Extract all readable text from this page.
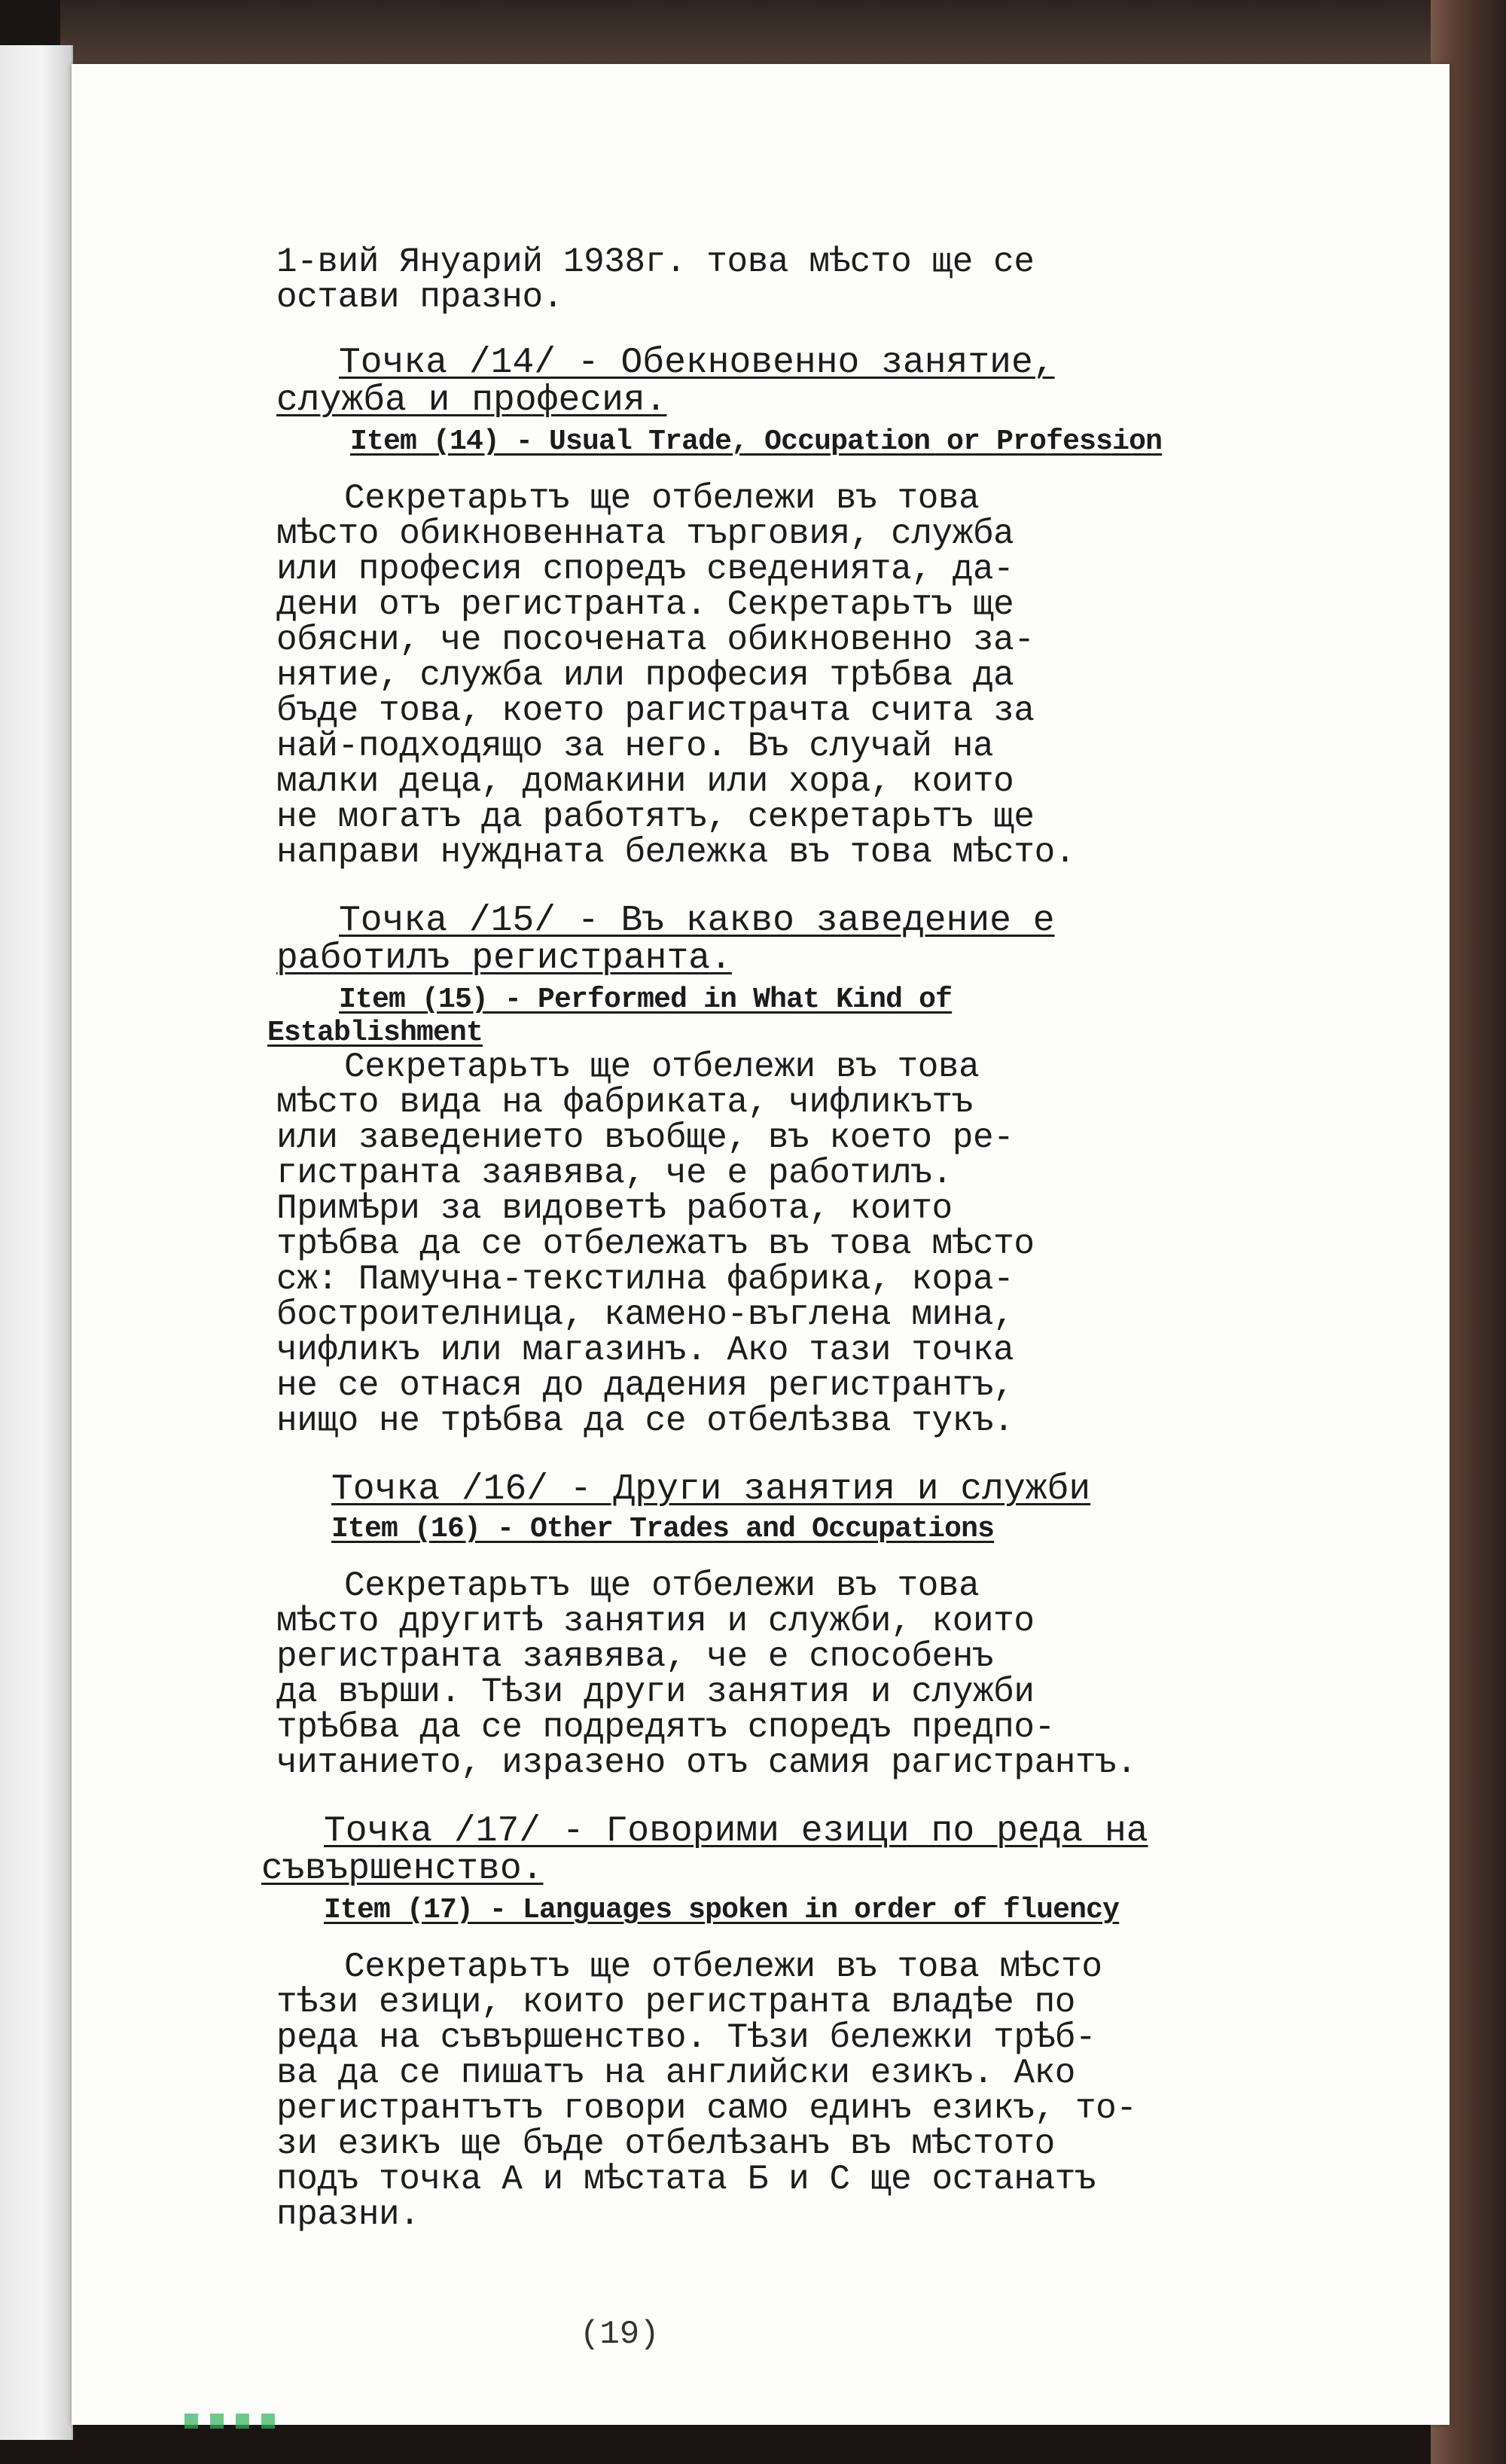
1-вий Януарий 1938г. това мѣсто ще се
остави празно.
Точка /14/ - Обекновенно занятие,
служба и професия.
Item (14) - Usual Trade, Occupation or Profession
Секретарьтъ ще отбележи въ това
мѣсто обикновенната търговия, служба
или професия споредъ сведенията, да-
дени отъ регистранта. Секретарьтъ ще
обясни, че посочената обикновенно за-
нятие, служба или професия трѣбва да
бъде това, което рагистрачта счита за
най-подходящо за него. Въ случай на
малки деца, домакини или хора, които
не могатъ да работятъ, секретарьтъ ще
направи нуждната бележка въ това мѣсто.
Точка /15/ - Въ какво заведение е
работилъ регистранта.
Item (15) - Performed in What Kind of
Establishment
Секретарьтъ ще отбележи въ това
мѣсто вида на фабриката, чифликътъ
или заведението въобще, въ което ре-
гистранта заявява, че е работилъ.
Примѣри за видоветѣ работа, които
трѣбва да се отбележатъ въ това мѣсто
сж: Памучна-текстилна фабрика, кора-
бостроителница, камено-въглена мина,
чифликъ или магазинъ. Ако тази точка
не се отнася до дадения регистрантъ,
нищо не трѣбва да се отбелѣзва тукъ.
Точка /16/ - Други занятия и служби
Item (16) - Other Trades and Occupations
Секретарьтъ ще отбележи въ това
мѣсто другитѣ занятия и служби, които
регистранта заявява, че е способенъ
да върши. Тѣзи други занятия и служби
трѣбва да се подредятъ споредъ предпо-
читанието, изразено отъ самия рагистрантъ.
Точка /17/ - Говорими езици по реда на
съвършенство.
Item (17) - Languages spoken in order of fluency
Секретарьтъ ще отбележи въ това мѣсто
тѣзи езици, които регистранта владѣе по
реда на съвършенство. Тѣзи бележки трѣб-
ва да се пишатъ на английски езикъ. Ако
регистрантътъ говори само единъ езикъ, то-
зи езикъ ще бъде отбелѣзанъ въ мѣстото
подъ точка А и мѣстата Б и С ще останатъ
празни.
(19)
